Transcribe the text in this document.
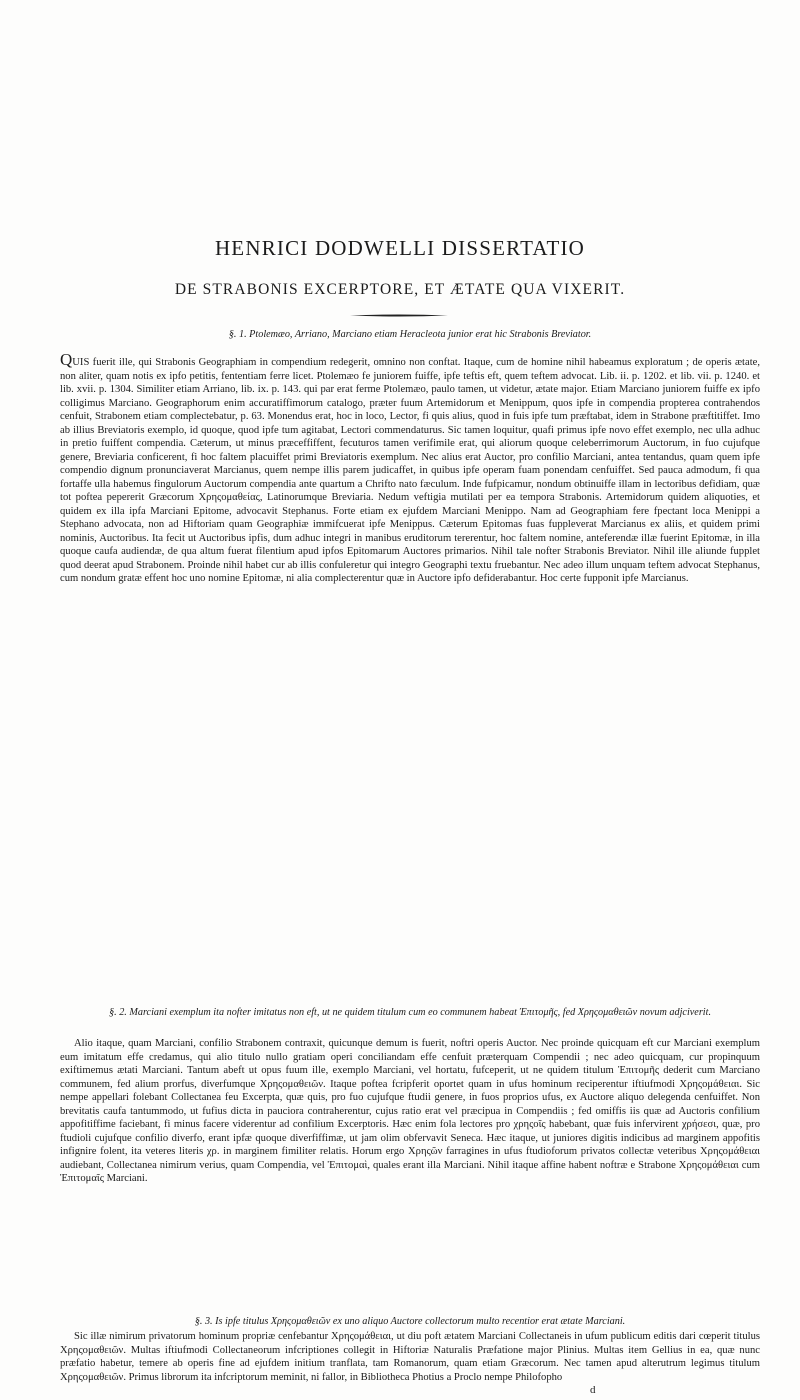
HENRICI DODWELLI DISSERTATIO
DE STRABONIS EXCERPTORE, ET ÆTATE QUA VIXERIT.

§. 1. Ptolemæo, Arriano, Marciano etiam Heracleota junior erat hic Strabonis Breviator.

QUIS fuerit ille, qui Strabonis Geographiam in compendium redegerit, omnino non conftat. Itaque, cum de homine nihil habeamus exploratum ; de operis ætate, non aliter, quam notis ex ipfo petitis, fententiam ferre licet. Ptolemæo fe juniorem fuiffe, ipfe teftis eft, quem teftem advocat. Lib. ii. p. 1202. et lib. vii. p. 1240. et lib. xvii. p. 1304. Similiter etiam Arriano, lib. ix. p. 143. qui par erat ferme Ptolemæo, paulo tamen, ut videtur, ætate major. Etiam Marciano juniorem fuiffe ex ipfo colligimus Marciano. Geographorum enim accuratiffimorum catalogo, præter fuum Artemidorum et Menippum, quos ipfe in compendia propterea contrahendos cenfuit, Strabonem etiam complectebatur, p. 63. Monendus erat, hoc in loco, Lector, fi quis alius, quod in fuis ipfe tum præftabat, idem in Strabone præftitiffet. Imo ab illius Breviatoris exemplo, id quoque, quod ipfe tum agitabat, Lectori commendaturus. Sic tamen loquitur, quafi primus ipfe novo effet exemplo, nec ulla adhuc in pretio fuiffent compendia. Cæterum, ut minus præceffiffent, fecuturos tamen verifimile erat, qui aliorum quoque celeberrimorum Auctorum, in fuo cujufque genere, Breviaria conficerent, fi hoc faltem placuiffet primi Breviatoris exemplum. Nec alius erat Auctor, pro confilio Marciani, antea tentandus, quam quem ipfe compendio dignum pronunciaverat Marcianus, quem nempe illis parem judicaffet, in quibus ipfe operam fuam ponendam cenfuiffet. Sed pauca admodum, fi qua fortaffe ulla habemus fingulorum Auctorum compendia ante quartum a Chrifto nato fæculum. Inde fufpicamur, nondum obtinuiffe illam in lectoribus defidiam, quæ tot poftea pepererit Græcorum Χρηςομαθείας, Latinorumque Breviaria. Nedum veftigia mutilati per ea tempora Strabonis. Artemidorum quidem aliquoties, et quidem ex illa ipfa Marciani Epitome, advocavit Stephanus. Forte etiam ex ejufdem Marciani Menippo. Nam ad Geographiam fere fpectant loca Menippi a Stephano advocata, non ad Hiftoriam quam Geographiæ immifcuerat ipfe Menippus. Cæterum Epitomas fuas fuppleverat Marcianus ex aliis, et quidem primi nominis, Auctoribus. Ita fecit ut Auctoribus ipfis, dum adhuc integri in manibus eruditorum tererentur, hoc faltem nomine, anteferendæ illæ fuerint Epitomæ, in illa quoque caufa audiendæ, de qua altum fuerat filentium apud ipfos Epitomarum Auctores primarios. Nihil tale nofter Strabonis Breviator. Nihil ille aliunde fupplet quod deerat apud Strabonem. Proinde nihil habet cur ab illis confuleretur qui integro Geographi textu fruebantur. Nec adeo illum unquam teftem advocat Stephanus, cum nondum gratæ effent hoc uno nomine Epitomæ, ni alia complecterentur quæ in Auctore ipfo defiderabantur. Hoc certe fupponit ipfe Marcianus.

§. 2. Marciani exemplum ita nofter imitatus non eft, ut ne quidem titulum cum eo communem habeat Ἐπιτομῆς, fed Χρηςομαθειῶν novum adjciverit.

Alio itaque, quam Marciani, confilio Strabonem contraxit, quicunque demum is fuerit, noftri operis Auctor. Nec proinde quicquam eft cur Marciani exemplum eum imitatum effe credamus, qui alio titulo nullo gratiam operi conciliandam effe cenfuit præterquam Compendii ; nec adeo quicquam, cur propinquum exiftimemus ætati Marciani. Tantum abeft ut opus fuum ille, exemplo Marciani, vel hortatu, fufceperit, ut ne quidem titulum Ἐπιτομῆς dederit cum Marciano communem, fed alium prorfus, diverfumque Χρηςομαθειῶν. Itaque poftea fcripferit oportet quam in ufus hominum reciperentur iftiufmodi Χρηςομάθειαι. Sic nempe appellari folebant Collectanea feu Excerpta, quæ quis, pro fuo cujufque ftudii genere, in fuos proprios ufus, ex Auctore aliquo delegenda cenfuiffet. Non brevitatis caufa tantummodo, ut fufius dicta in pauciora contraherentur, cujus ratio erat vel præcipua in Compendiis ; fed omiffis iis quæ ad Auctoris confilium appofitiffime faciebant, fi minus facere viderentur ad confilium Excerptoris. Hæc enim fola lectores pro χρηςοῖς habebant, quæ fuis infervirent χρήσεσι, quæ, pro ftudioli cujufque confilio diverfo, erant ipfæ quoque diverfiffimæ, ut jam olim obfervavit Seneca. Hæc itaque, ut juniores digitis indicibus ad marginem appofitis infignire folent, ita veteres literis χρ. in marginem fimiliter relatis. Horum ergo Χρηςῶν farragines in ufus ftudioforum privatos collectæ veteribus Χρηςομάθειαι audiebant, Collectanea nimirum verius, quam Compendia, vel Ἐπιτομαὶ, quales erant illa Marciani. Nihil itaque affine habent noftræ e Strabone Χρηςομάθειαι cum Ἐπιτομαῖς Marciani.

§. 3. Is ipfe titulus Χρηςομαθειῶν ex uno aliquo Auctore collectorum multo recentior erat ætate Marciani.

Sic illæ nimirum privatorum hominum propriæ cenfebantur Χρηςομάθειαι, ut diu poft ætatem Marciani Collectaneis in ufum publicum editis dari cœperit titulus Χρηςομαθειῶν. Multas iftiufmodi Collectaneorum infcriptiones collegit in Hiftoriæ Naturalis Præfatione major Plinius. Multas item Gellius in ea, quæ nunc præfatio habetur, temere ab operis fine ad ejufdem initium tranflata, tam Romanorum, quam etiam Græcorum. Nec tamen apud alterutrum legimus titulum Χρηςομαθειῶν. Primus librorum ita infcriptorum meminit, ni fallor, in Bibliotheca Photius a Proclo nempe Philofopho

d
